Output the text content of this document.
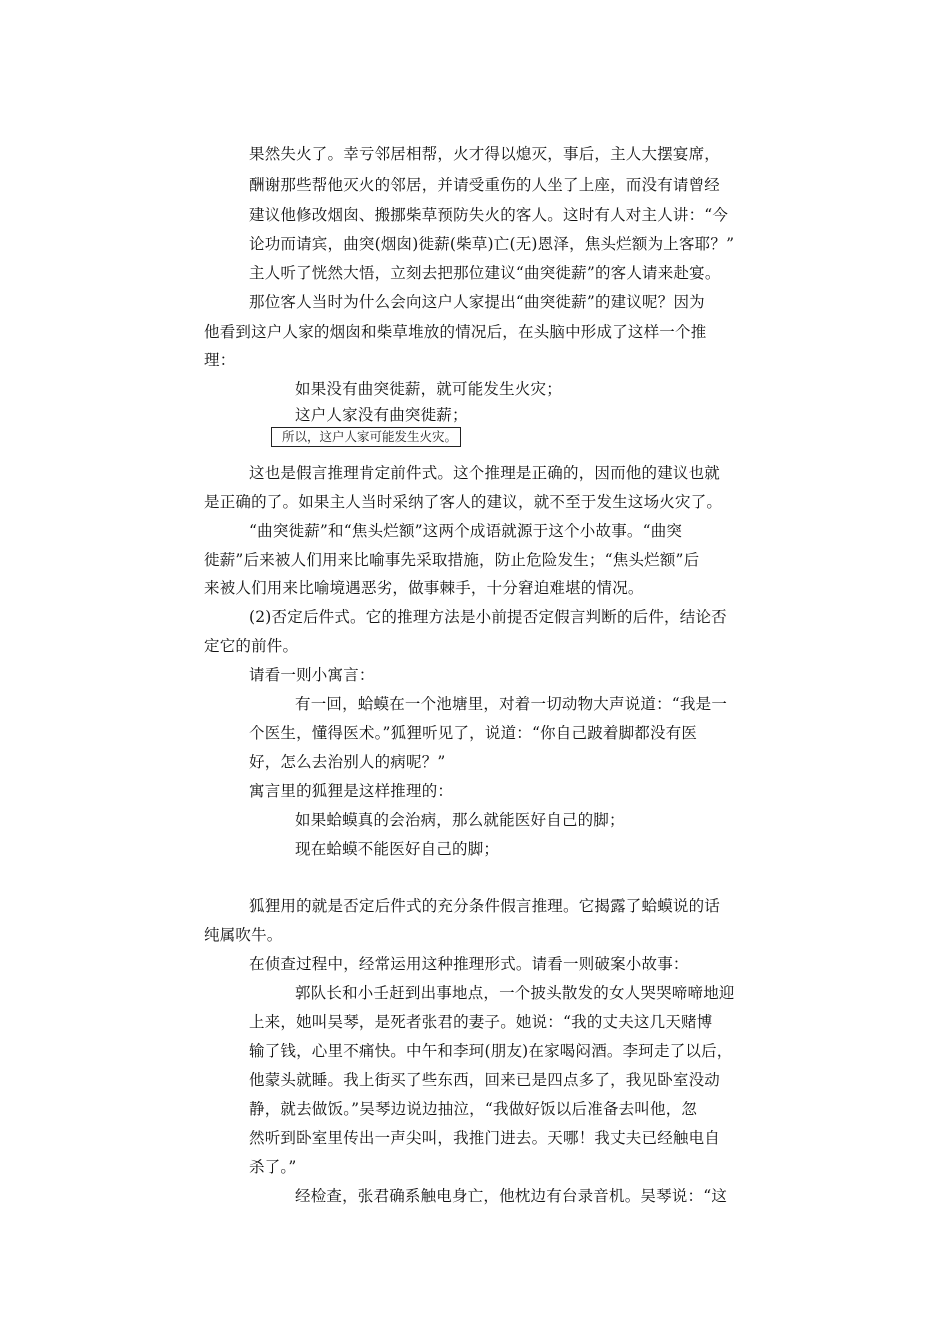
果然失火了。幸亏邻居相帮，火才得以熄灭，事后，主人大摆宴席，
酬谢那些帮他灭火的邻居，并请受重伤的人坐了上座，而没有请曾经
建议他修改烟囱、搬挪柴草预防失火的客人。这时有人对主人讲：“今
论功而请宾，曲突(烟囱)徙薪(柴草)亡(无)恩泽，焦头烂额为上客耶？”
主人听了恍然大悟，立刻去把那位建议“曲突徙薪”的客人请来赴宴。
那位客人当时为什么会向这户人家提出“曲突徙薪”的建议呢？因为
他看到这户人家的烟囱和柴草堆放的情况后，在头脑中形成了这样一个推
理：
如果没有曲突徙薪，就可能发生火灾；
这户人家没有曲突徙薪；
所以，这户人家可能发生火灾。
这也是假言推理肯定前件式。这个推理是正确的，因而他的建议也就
是正确的了。如果主人当时采纳了客人的建议，就不至于发生这场火灾了。
“曲突徙薪”和“焦头烂额”这两个成语就源于这个小故事。“曲突
徙薪”后来被人们用来比喻事先采取措施，防止危险发生；“焦头烂额”后
来被人们用来比喻境遇恶劣，做事棘手，十分窘迫难堪的情况。
(2)否定后件式。它的推理方法是小前提否定假言判断的后件，结论否
定它的前件。
请看一则小寓言：
有一回，蛤蟆在一个池塘里，对着一切动物大声说道：“我是一
个医生，懂得医术。”狐狸听见了，说道：“你自己跛着脚都没有医
好，怎么去治别人的病呢？”
寓言里的狐狸是这样推理的：
如果蛤蟆真的会治病，那么就能医好自己的脚；
现在蛤蟆不能医好自己的脚；
狐狸用的就是否定后件式的充分条件假言推理。它揭露了蛤蟆说的话
纯属吹牛。
在侦查过程中，经常运用这种推理形式。请看一则破案小故事：
郭队长和小壬赶到出事地点，一个披头散发的女人哭哭啼啼地迎
上来，她叫吴琴，是死者张君的妻子。她说：“我的丈夫这几天赌博
输了钱，心里不痛快。中午和李珂(朋友)在家喝闷酒。李珂走了以后，
他蒙头就睡。我上街买了些东西，回来已是四点多了，我见卧室没动
静，就去做饭。”吴琴边说边抽泣，“我做好饭以后准备去叫他，忽
然听到卧室里传出一声尖叫，我推门进去。天哪！我丈夫已经触电自
杀了。”
经检查，张君确系触电身亡，他枕边有台录音机。吴琴说：“这
